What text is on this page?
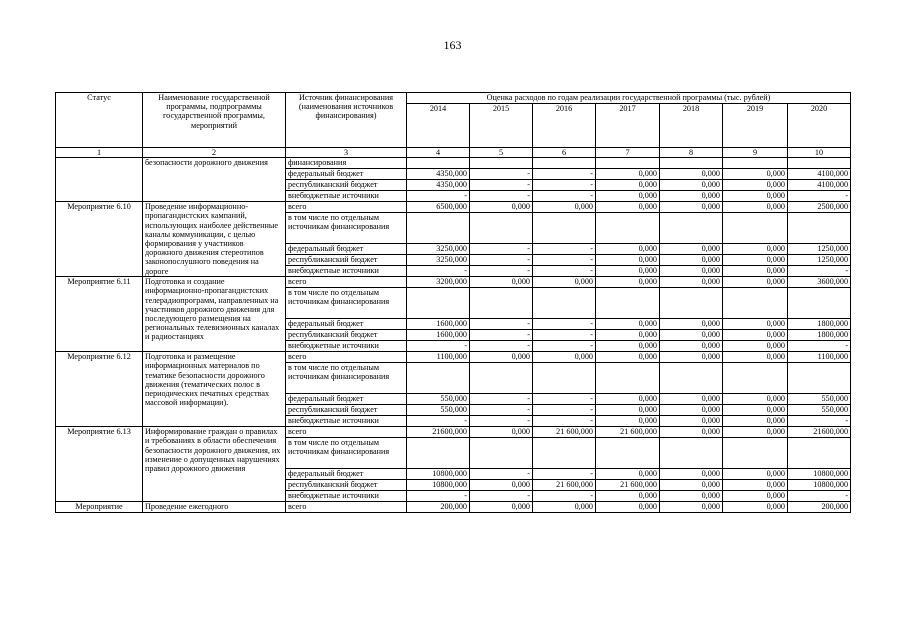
163
Статус	Наименование государственной программы, подпрограммы государственной программы, мероприятий	Источник финансирования (наименования источников финансирования)	Оценка расходов по годам реализации государственной программы (тыс. рублей)						
			2014	2015	2016	2017	2018	2019	2020
1	2	3	4	5	6	7	8	9	10
	безопасности дорожного движения	финансирования							
		федеральный бюджет	4350,000	-	-	0,000	0,000	0,000	4100,000
		республиканский бюджет	4350,000	-	-	0,000	0,000	0,000	4100,000
		внебюджетные источники	-	-	-	0,000	0,000	0,000	-
Мероприятие 6.10	Проведение информационно-пропагандистских кампаний, использующих наиболее действенные каналы коммуникации, с целью формирования у участников дорожного движения стереотипов законопослушного поведения на дороге	всего	6500,000	0,000	0,000	0,000	0,000	0,000	2500,000
		в том числе по отдельным источникам финансирования							
		федеральный бюджет	3250,000	-	-	0,000	0,000	0,000	1250,000
		республиканский бюджет	3250,000	-	-	0,000	0,000	0,000	1250,000
		внебюджетные источники	-	-	-	0,000	0,000	0,000	-
Мероприятие 6.11	Подготовка и создание информационно-пропагандистских телерадиопрограмм, направленных на участников дорожного движения для последующего размещения на региональных телевизионных каналах и радиостанциях	всего	3200,000	0,000	0,000	0,000	0,000	0,000	3600,000
		в том числе по отдельным источникам финансирования							
		федеральный бюджет	1600,000	-	-	0,000	0,000	0,000	1800,000
		республиканский бюджет	1600,000	-	-	0,000	0,000	0,000	1800,000
		внебюджетные источники	-	-	-	0,000	0,000	0,000	-
Мероприятие 6.12	Подготовка и размещение информационных материалов по тематике безопасности дорожного движения (тематических полос в периодических печатных средствах массовой информации).	всего	1100,000	0,000	0,000	0,000	0,000	0,000	1100,000
		в том числе по отдельным источникам финансирования							
		федеральный бюджет	550,000	-	-	0,000	0,000	0,000	550,000
		республиканский бюджет	550,000	-	-	0,000	0,000	0,000	550,000
		внебюджетные источники	-	-	-	0,000	0,000	0,000	-
Мероприятие 6.13	Информирование граждан о правилах и требованиях в области обеспечения безопасности дорожного движения, их изменение о допущенных нарушениях правил дорожного движения	всего	21600,000	0,000	21 600,000	21 600,000	0,000	0,000	21600,000
		в том числе по отдельным источникам финансирования							
		федеральный бюджет	10800,000	-	-	0,000	0,000	0,000	10800,000
		республиканский бюджет	10800,000	0,000	21 600,000	21 600,000	0,000	0,000	10800,000
		внебюджетные источники	-	-	-	0,000	0,000	0,000	-
Мероприятие	Проведение ежегодного	всего	200,000	0,000	0,000	0,000	0,000	0,000	200,000
